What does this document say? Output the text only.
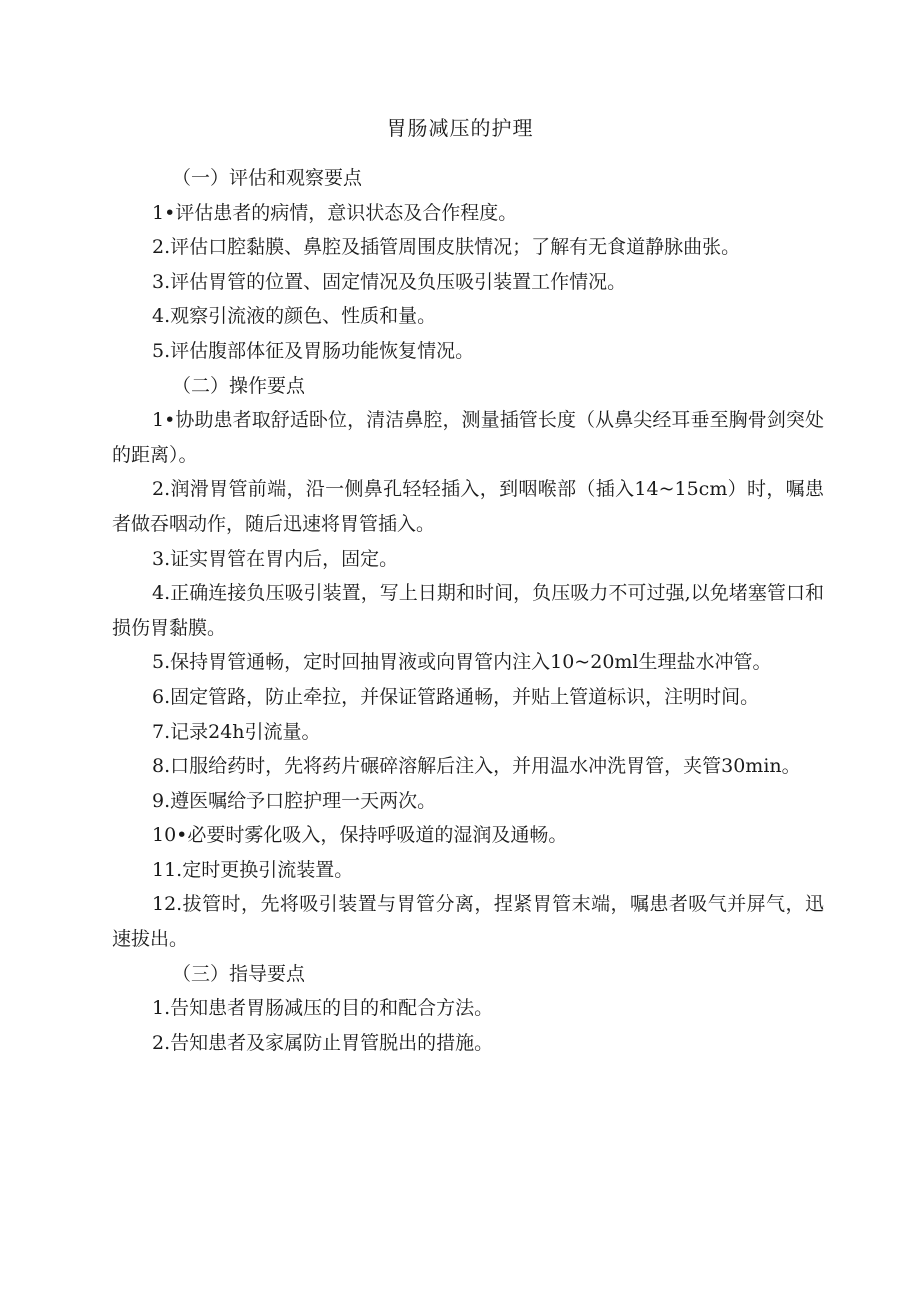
胃肠减压的护理

（一）评估和观察要点

1•评估患者的病情，意识状态及合作程度。

2.评估口腔黏膜、鼻腔及插管周围皮肤情况；了解有无食道静脉曲张。

3.评估胃管的位置、固定情况及负压吸引装置工作情况。

4.观察引流液的颜色、性质和量。

5.评估腹部体征及胃肠功能恢复情况。

（二）操作要点

1•协助患者取舒适卧位，清洁鼻腔，测量插管长度（从鼻尖经耳垂至胸骨剑突处的距离）。

2.润滑胃管前端，沿一侧鼻孔轻轻插入，到咽喉部（插入14~15cm）时，嘱患者做吞咽动作，随后迅速将胃管插入。

3.证实胃管在胃内后，固定。

4.正确连接负压吸引装置，写上日期和时间，负压吸力不可过强,以免堵塞管口和损伤胃黏膜。

5.保持胃管通畅，定时回抽胃液或向胃管内注入10~20ml生理盐水冲管。

6.固定管路，防止牵拉，并保证管路通畅，并贴上管道标识，注明时间。

7.记录24h引流量。

8.口服给药时，先将药片碾碎溶解后注入，并用温水冲洗胃管，夹管30min。

9.遵医嘱给予口腔护理一天两次。

10•必要时雾化吸入，保持呼吸道的湿润及通畅。

11.定时更换引流装置。

12.拔管时，先将吸引装置与胃管分离，捏紧胃管末端，嘱患者吸气并屏气，迅速拔出。

（三）指导要点

1.告知患者胃肠减压的目的和配合方法。

2.告知患者及家属防止胃管脱出的措施。
